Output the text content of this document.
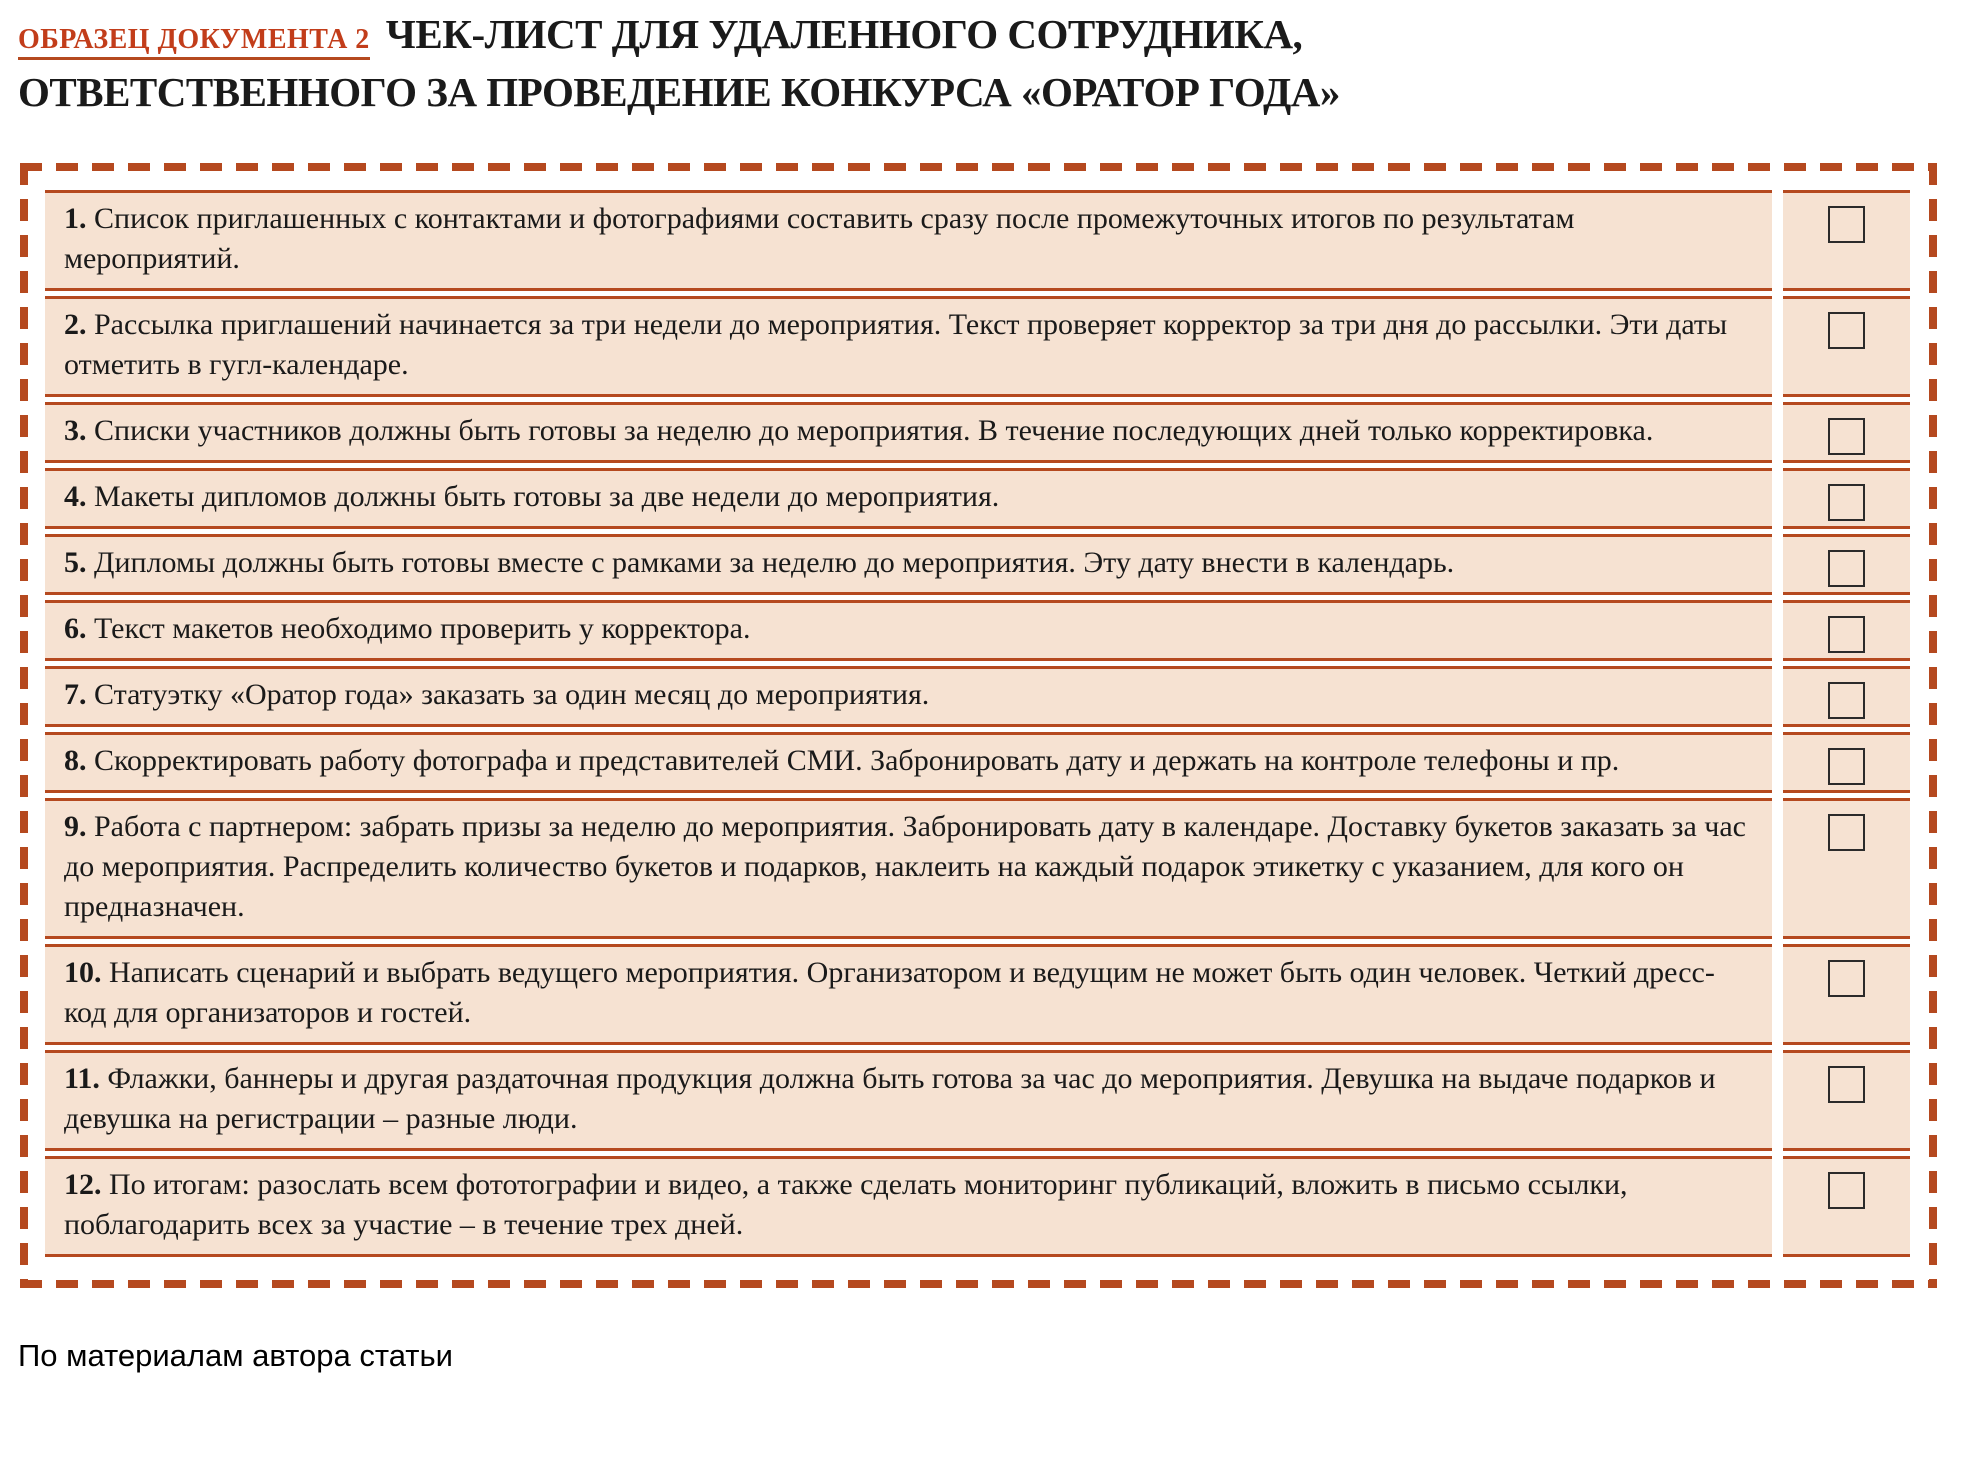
ОБРАЗЕЦ ДОКУМЕНТА 2 ЧЕК-ЛИСТ ДЛЯ УДАЛЕННОГО СОТРУДНИКА,
ОТВЕТСТВЕННОГО ЗА ПРОВЕДЕНИЕ КОНКУРСА «ОРАТОР ГОДА»
1. Список приглашенных с контактами и фотографиями составить сразу после промежуточных итогов по результатам мероприятий.
2. Рассылка приглашений начинается за три недели до мероприятия. Текст проверяет корректор за три дня до рассылки. Эти даты отметить в гугл-календаре.
3. Списки участников должны быть готовы за неделю до мероприятия. В течение последующих дней только корректировка.
4. Макеты дипломов должны быть готовы за две недели до мероприятия.
5. Дипломы должны быть готовы вместе с рамками за неделю до мероприятия. Эту дату внести в календарь.
6. Текст макетов необходимо проверить у корректора.
7. Статуэтку «Оратор года» заказать за один месяц до мероприятия.
8. Скорректировать работу фотографа и представителей СМИ. Забронировать дату и держать на контроле телефоны и пр.
9. Работа с партнером: забрать призы за неделю до мероприятия. Забронировать дату в календаре. Доставку букетов заказать за час до мероприятия. Распределить количество букетов и подарков, наклеить на каждый подарок этикетку с указанием, для кого он предназначен.
10. Написать сценарий и выбрать ведущего мероприятия. Организатором и ведущим не может быть один человек. Четкий дресс-код для организаторов и гостей.
11. Флажки, баннеры и другая раздаточная продукция должна быть готова за час до мероприятия. Девушка на выдаче подарков и девушка на регистрации – разные люди.
12. По итогам: разослать всем фототографии и видео, а также сделать мониторинг публикаций, вложить в письмо ссылки, поблагодарить всех за участие – в течение трех дней.
По материалам автора статьи
